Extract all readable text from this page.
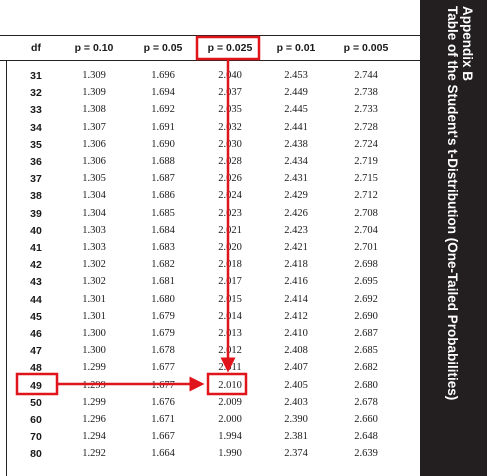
df	p = 0.10	p = 0.05	p = 0.025	p = 0.01	p = 0.005
31	1.309	1.696	2.040	2.453	2.744
32	1.309	1.694	2.037	2.449	2.738
33	1.308	1.692	2.035	2.445	2.733
34	1.307	1.691	2.032	2.441	2.728
35	1.306	1.690	2.030	2.438	2.724
36	1.306	1.688	2.028	2.434	2.719
37	1.305	1.687	2.026	2.431	2.715
38	1.304	1.686	2.024	2.429	2.712
39	1.304	1.685	2.023	2.426	2.708
40	1.303	1.684	2.021	2.423	2.704
41	1.303	1.683	2.020	2.421	2.701
42	1.302	1.682	2.018	2.418	2.698
43	1.302	1.681	2.017	2.416	2.695
44	1.301	1.680	2.015	2.414	2.692
45	1.301	1.679	2.014	2.412	2.690
46	1.300	1.679	2.013	2.410	2.687
47	1.300	1.678	2.012	2.408	2.685
48	1.299	1.677	2.011	2.407	2.682
49	1.299	1.677	2.010	2.405	2.680
50	1.299	1.676	2.009	2.403	2.678
60	1.296	1.671	2.000	2.390	2.660
70	1.294	1.667	1.994	2.381	2.648
80	1.292	1.664	1.990	2.374	2.639
Appendix B
Table of the Student's t-Distribution (One-Tailed Probabilities)
